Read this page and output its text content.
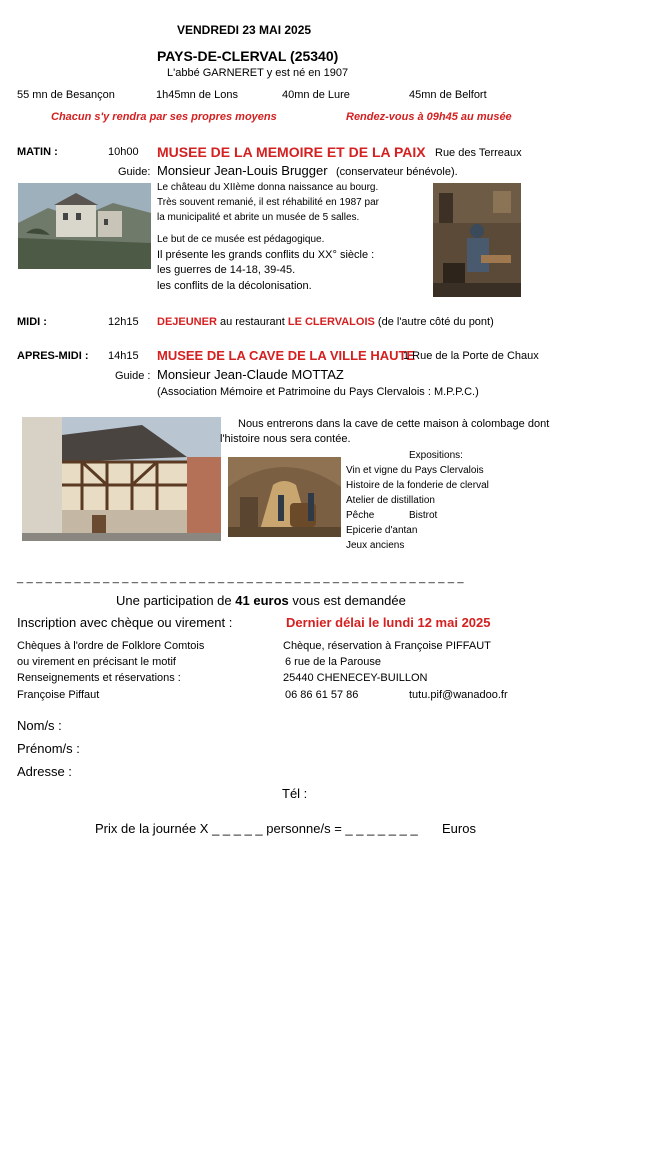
VENDREDI 23 MAI 2025
PAYS-DE-CLERVAL (25340)
L'abbé GARNERET y est né en 1907
55 mn de Besançon	1h45mn de Lons	40mn de Lure	45mn de Belfort
Chacun s'y rendra par ses propres moyens	Rendez-vous à 09h45 au musée
MATIN :	10h00 MUSEE DE LA MEMOIRE ET DE LA PAIX Rue des Terreaux
Guide: Monsieur Jean-Louis Brugger (conservateur bénévole).
Le château du XIIème donna naissance au bourg.
Très souvent remanié, il est réhabilité en 1987 par
la municipalité et abrite un musée de 5 salles.
Le but de ce musée est pédagogique.
Il présente les grands conflits du XX° siècle :
les guerres de 14-18, 39-45.
les conflits de la décolonisation.
MIDI :	12h15 DEJEUNER au restaurant LE CLERVALOIS (de l'autre côté du pont)
APRES-MIDI : 14h15 MUSEE DE LA CAVE DE LA VILLE HAUTE
1 Rue de la Porte de Chaux
Guide : Monsieur Jean-Claude MOTTAZ
(Association Mémoire et Patrimoine du Pays Clervalois : M.P.P.C.)
Nous entrerons dans la cave de cette maison à colombage dont
l'histoire nous sera contée.
Expositions:
Vin et vigne du Pays Clervalois
Histoire de la fonderie de clerval
Atelier de distillation
Pêche	Bistrot
Epicerie d'antan
Jeux anciens
_ _ _ _ _ _ _ _ _ _ _ _ _ _ _ _ _ _ _ _ _ _ _ _ _ _ _ _ _ _ _ _ _ _ _ _ _ _ _ _ _ _ _ _ _ _ _
Une participation de 41 euros vous est demandée
Inscription avec chèque ou virement :	Dernier délai le lundi 12 mai 2025
Chèques à l'ordre de Folklore Comtois
ou virement en précisant le motif
Renseignements et réservations :
Françoise Piffaut
Chèque, réservation à Françoise PIFFAUT
6 rue de la Parouse
25440 CHENECEY-BUILLON
06 86 61 57 86	tutu.pif@wanadoo.fr
Nom/s :
Prénom/s :
Adresse :
Tél :
Prix de la journée X _ _ _ _ _ personne/s = _ _ _ _ _ _ _ Euros
